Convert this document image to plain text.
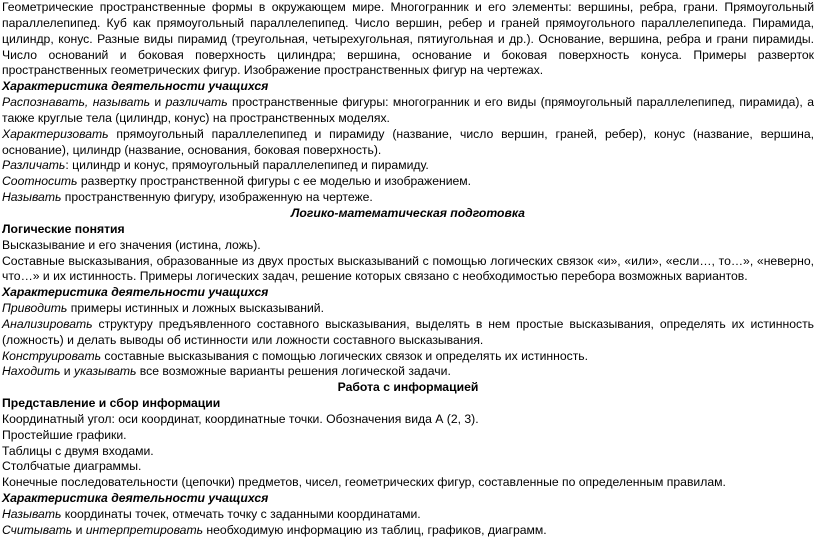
Геометрические пространственные формы в окружающем мире. Многогранник и его элементы: вершины, ребра, грани. Прямоугольный параллелепипед. Куб как прямоугольный параллелепипед. Число вершин, ребер и граней прямоугольного параллелепипеда. Пирамида, цилиндр, конус. Разные виды пирамид (треугольная, четырехугольная, пятиугольная и др.). Основание, вершина, ребра и грани пирамиды. Число оснований и боковая поверхность цилиндра; вершина, основание и боковая поверхность конуса. Примеры разверток пространственных геометрических фигур. Изображение пространственных фигур на чертежах.

Характеристика деятельности учащихся

Распознавать, называть и различать пространственные фигуры: многогранник и его виды (прямоугольный параллелепипед, пирамида), а также круглые тела (цилиндр, конус) на пространственных моделях.

Характеризовать прямоугольный параллелепипед и пирамиду (название, число вершин, граней, ребер), конус (название, вершина, основание), цилиндр (название, основания, боковая поверхность).

Различать: цилиндр и конус, прямоугольный параллелепипед и пирамиду.

Соотносить развертку пространственной фигуры с ее моделью и изображением.

Называть пространственную фигуру, изображенную на чертеже.

Логико-математическая подготовка

Логические понятия

Высказывание и его значения (истина, ложь).

Составные высказывания, образованные из двух простых высказываний с помощью логических связок «и», «или», «если…, то…», «неверно, что…» и их истинность. Примеры логических задач, решение которых связано с необходимостью перебора возможных вариантов.

Характеристика деятельности учащихся

Приводить примеры истинных и ложных высказываний.

Анализировать структуру предъявленного составного высказывания, выделять в нем простые высказывания, определять их истинность (ложность) и делать выводы об истинности или ложности составного высказывания.

Конструировать составные высказывания с помощью логических связок и определять их истинность.

Находить и указывать все возможные варианты решения логической задачи.

Работа с информацией

Представление и сбор информации

Координатный угол: оси координат, координатные точки. Обозначения вида А (2, 3).

Простейшие графики.

Таблицы с двумя входами.

Столбчатые диаграммы.

Конечные последовательности (цепочки) предметов, чисел, геометрических фигур, составленные по определенным правилам.

Характеристика деятельности учащихся

Называть координаты точек, отмечать точку с заданными координатами.

Считывать и интерпретировать необходимую информацию из таблиц, графиков, диаграмм.
